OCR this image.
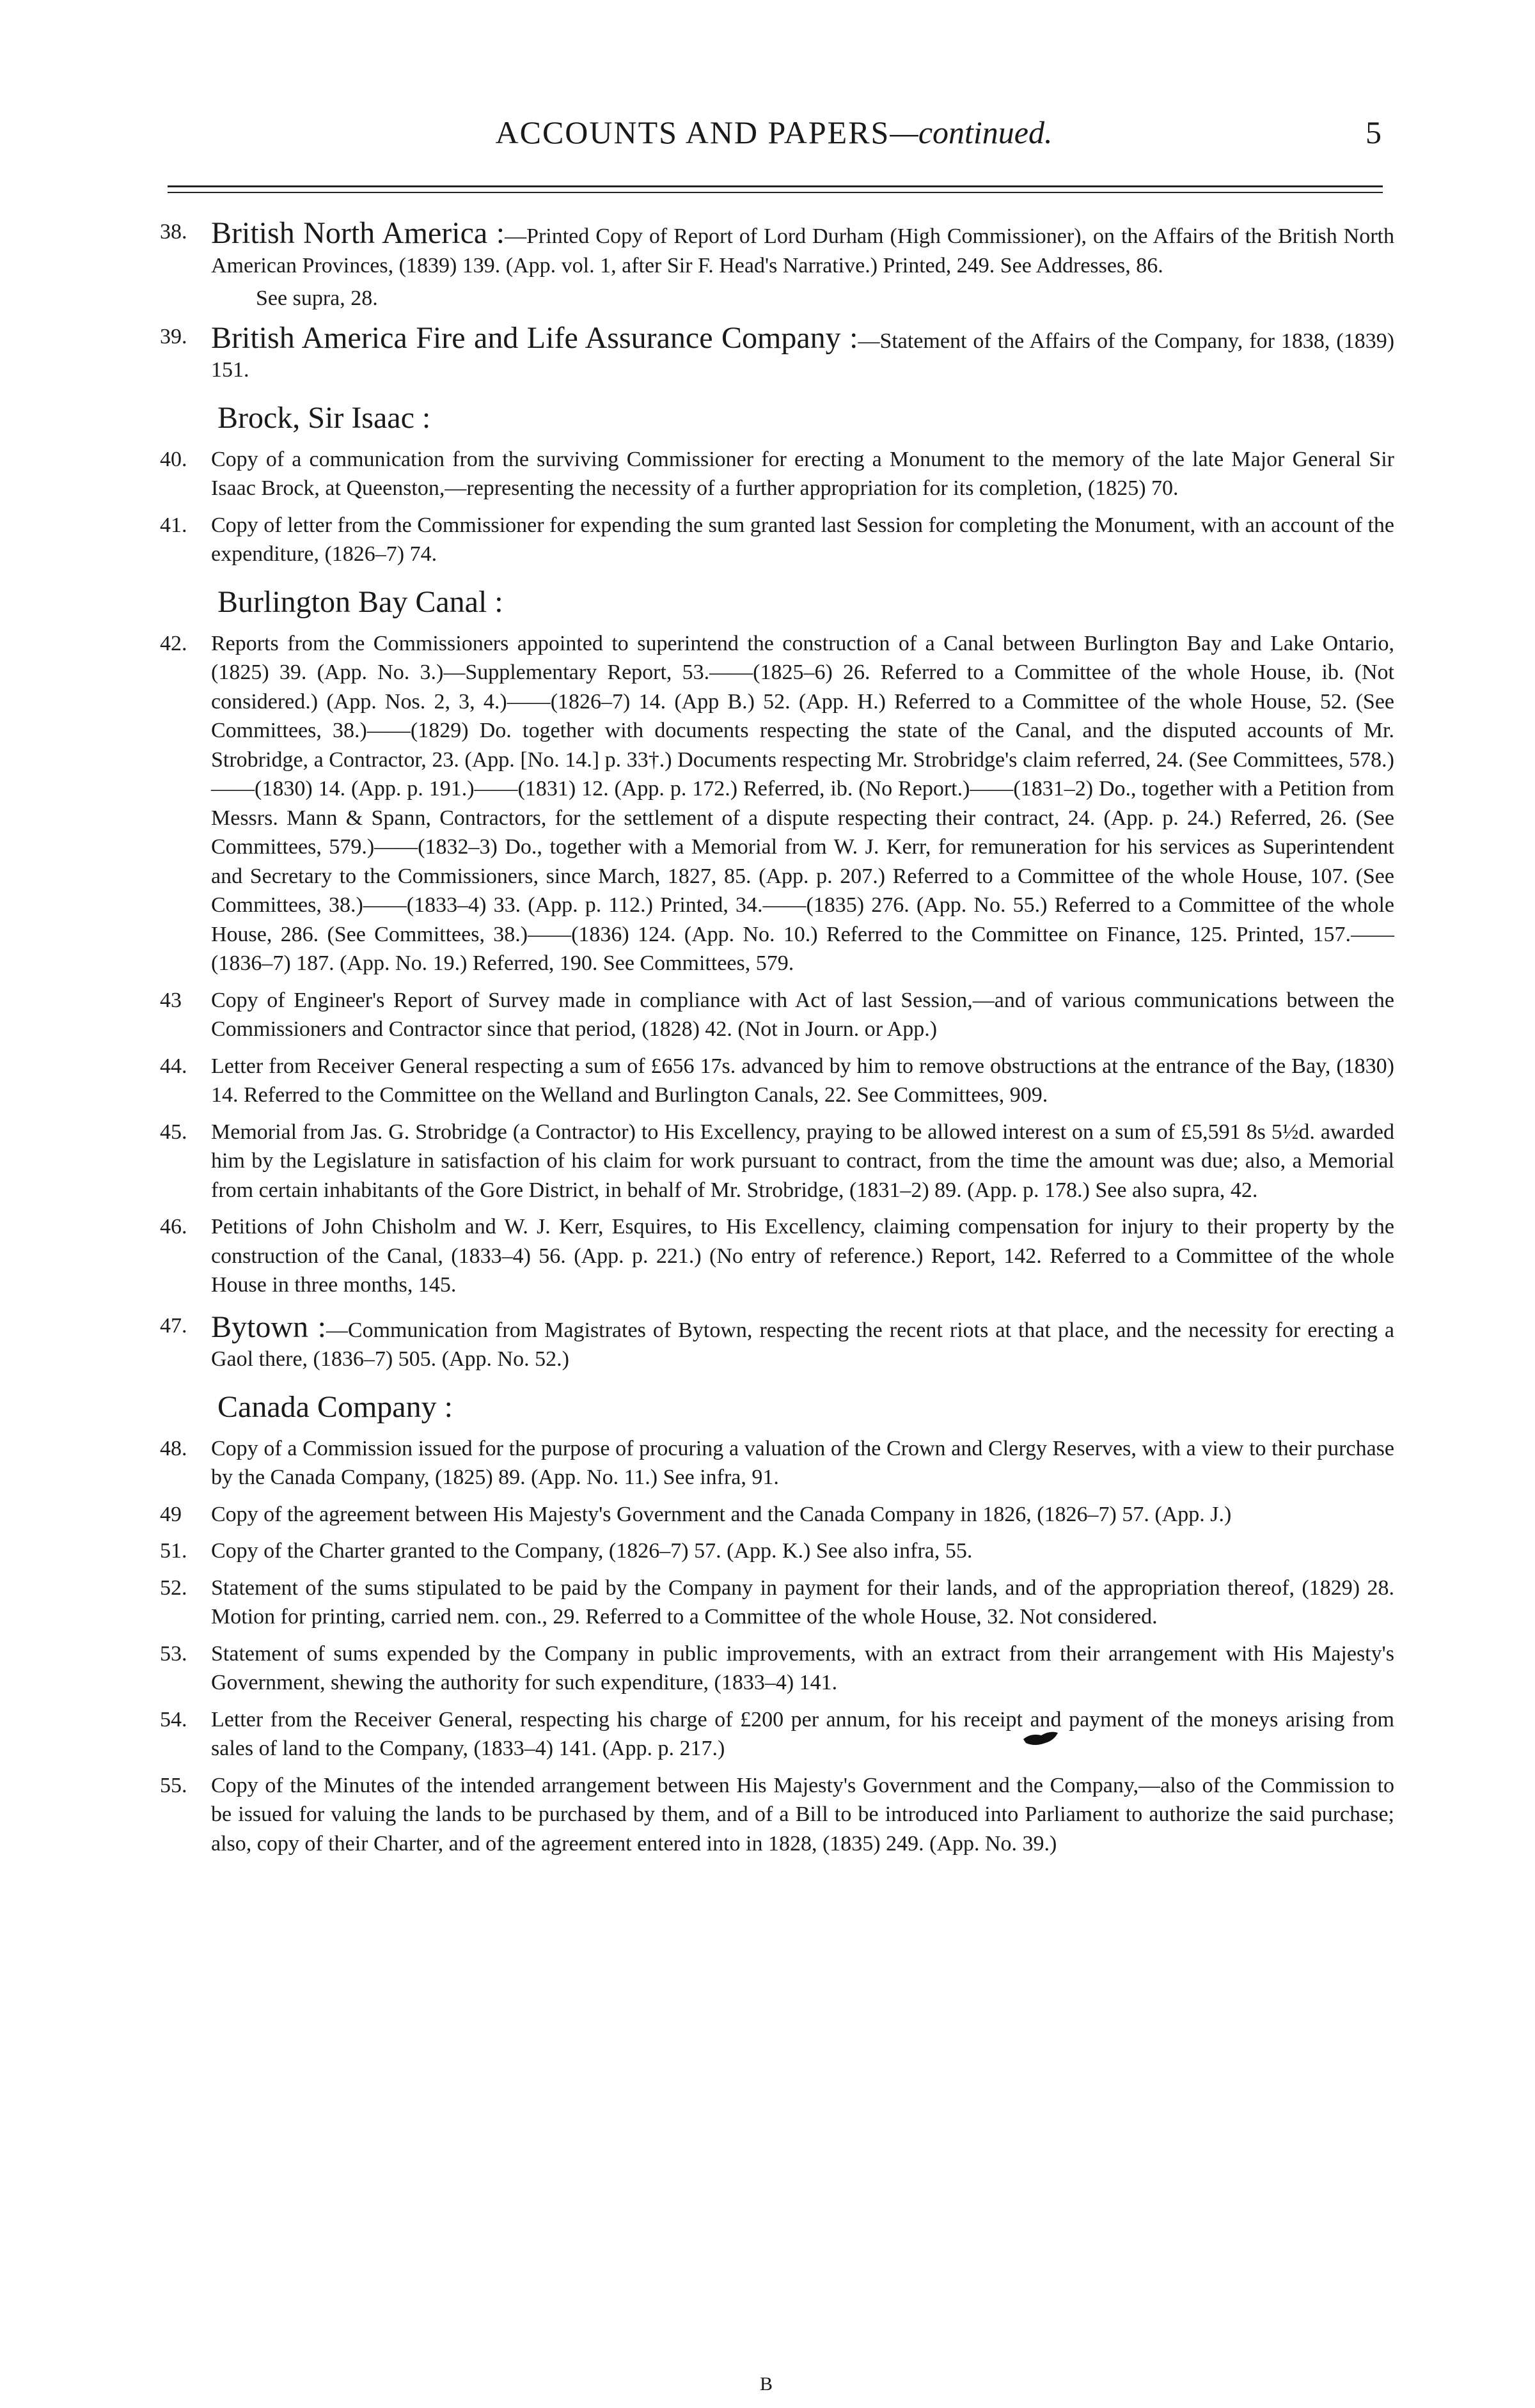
ACCOUNTS AND PAPERS—continued.	5
38. British North America :—Printed Copy of Report of Lord Durham (High Commissioner), on the Affairs of the British North American Provinces, (1839) 139. (App. vol. 1, after Sir F. Head's Narrative.) Printed, 249. See Addresses, 86.
See supra, 28.
39. British America Fire and Life Assurance Company :—Statement of the Affairs of the Company, for 1838, (1839) 151.
Brock, Sir Isaac :
40. Copy of a communication from the surviving Commissioner for erecting a Monument to the memory of the late Major General Sir Isaac Brock, at Queenston,—representing the necessity of a further appropriation for its completion, (1825) 70.
41. Copy of letter from the Commissioner for expending the sum granted last Session for completing the Monument, with an account of the expenditure, (1826–7) 74.
Burlington Bay Canal :
42. Reports from the Commissioners appointed to superintend the construction of a Canal between Burlington Bay and Lake Ontario, (1825) 39. (App. No. 3.)—Supplementary Report, 53.——(1825–6) 26. Referred to a Committee of the whole House, ib. (Not considered.) (App. Nos. 2, 3, 4.)——(1826–7) 14. (App B.) 52. (App. H.) Referred to a Committee of the whole House, 52. (See Committees, 38.)——(1829) Do. together with documents respecting the state of the Canal, and the disputed accounts of Mr. Strobridge, a Contractor, 23. (App. [No. 14.] p. 33†.) Documents respecting Mr. Strobridge's claim referred, 24. (See Committees, 578.)——(1830) 14. (App. p. 191.)——(1831) 12. (App. p. 172.) Referred, ib. (No Report.)——(1831–2) Do., together with a Petition from Messrs. Mann & Spann, Contractors, for the settlement of a dispute respecting their contract, 24. (App. p. 24.) Referred, 26. (See Committees, 579.)——(1832–3) Do., together with a Memorial from W. J. Kerr, for remuneration for his services as Superintendent and Secretary to the Commissioners, since March, 1827, 85. (App. p. 207.) Referred to a Committee of the whole House, 107. (See Committees, 38.)——(1833–4) 33. (App. p. 112.) Printed, 34.——(1835) 276. (App. No. 55.) Referred to a Committee of the whole House, 286. (See Committees, 38.)——(1836) 124. (App. No. 10.) Referred to the Committee on Finance, 125. Printed, 157.——(1836–7) 187. (App. No. 19.) Referred, 190. See Committees, 579.
43 Copy of Engineer's Report of Survey made in compliance with Act of last Session,—and of various communications between the Commissioners and Contractor since that period, (1828) 42. (Not in Journ. or App.)
44. Letter from Receiver General respecting a sum of £656 17s. advanced by him to remove obstructions at the entrance of the Bay, (1830) 14. Referred to the Committee on the Welland and Burlington Canals, 22. See Committees, 909.
45. Memorial from Jas. G. Strobridge (a Contractor) to His Excellency, praying to be allowed interest on a sum of £5,591 8s 5½d. awarded him by the Legislature in satisfaction of his claim for work pursuant to contract, from the time the amount was due; also, a Memorial from certain inhabitants of the Gore District, in behalf of Mr. Strobridge, (1831–2) 89. (App. p. 178.) See also supra, 42.
46. Petitions of John Chisholm and W. J. Kerr, Esquires, to His Excellency, claiming compensation for injury to their property by the construction of the Canal, (1833–4) 56. (App. p. 221.) (No entry of reference.) Report, 142. Referred to a Committee of the whole House in three months, 145.
47. Bytown :—Communication from Magistrates of Bytown, respecting the recent riots at that place, and the necessity for erecting a Gaol there, (1836–7) 505. (App. No. 52.)
Canada Company :
48. Copy of a Commission issued for the purpose of procuring a valuation of the Crown and Clergy Reserves, with a view to their purchase by the Canada Company, (1825) 89. (App. No. 11.) See infra, 91.
49 Copy of the agreement between His Majesty's Government and the Canada Company in 1826, (1826–7) 57. (App. J.)
51. Copy of the Charter granted to the Company, (1826–7) 57. (App. K.) See also infra, 55.
52. Statement of the sums stipulated to be paid by the Company in payment for their lands, and of the appropriation thereof, (1829) 28. Motion for printing, carried nem. con., 29. Referred to a Committee of the whole House, 32. Not considered.
53. Statement of sums expended by the Company in public improvements, with an extract from their arrangement with His Majesty's Government, shewing the authority for such expenditure, (1833–4) 141.
54. Letter from the Receiver General, respecting his charge of £200 per annum, for his receipt and payment of the moneys arising from sales of land to the Company, (1833–4) 141. (App. p. 217.)
55. Copy of the Minutes of the intended arrangement between His Majesty's Government and the Company,—also of the Commission to be issued for valuing the lands to be purchased by them, and of a Bill to be introduced into Parliament to authorize the said purchase; also, copy of their Charter, and of the agreement entered into in 1828, (1835) 249. (App. No. 39.)
B
